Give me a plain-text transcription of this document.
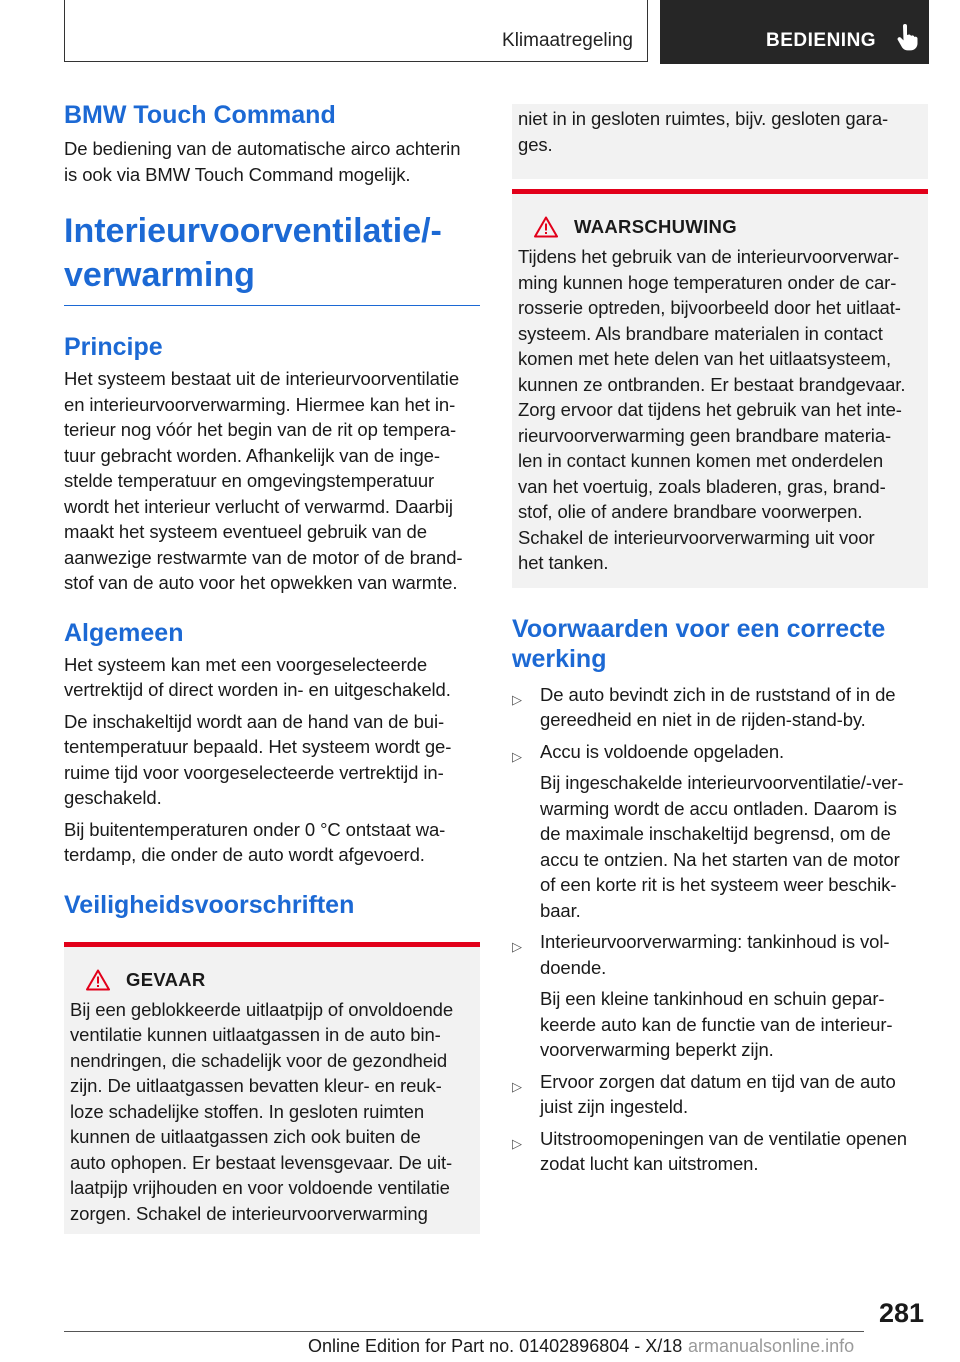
Klimaatregeling	BEDIENING
BMW Touch Command
De bediening van de automatische airco achterin
is ook via BMW Touch Command mogelijk.
Interieurvoorventilatie/-
verwarming
Principe
Het systeem bestaat uit de interieurvoorventilatie
en interieurvoorverwarming. Hiermee kan het in-
terieur nog vóór het begin van de rit op tempera-
tuur gebracht worden. Afhankelijk van de inge-
stelde temperatuur en omgevingstemperatuur
wordt het interieur verlucht of verwarmd. Daarbij
maakt het systeem eventueel gebruik van de
aanwezige restwarmte van de motor of de brand-
stof van de auto voor het opwekken van warmte.
Algemeen
Het systeem kan met een voorgeselecteerde
vertrektijd of direct worden in- en uitgeschakeld.
De inschakeltijd wordt aan de hand van de bui-
tentemperatuur bepaald. Het systeem wordt ge-
ruime tijd voor voorgeselecteerde vertrektijd in-
geschakeld.
Bij buitentemperaturen onder 0 °C ontstaat wa-
terdamp, die onder de auto wordt afgevoerd.
Veiligheidsvoorschriften
GEVAAR
Bij een geblokkeerde uitlaatpijp of onvoldoende
ventilatie kunnen uitlaatgassen in de auto bin-
nendringen, die schadelijk voor de gezondheid
zijn. De uitlaatgassen bevatten kleur- en reuk-
loze schadelijke stoffen. In gesloten ruimten
kunnen de uitlaatgassen zich ook buiten de
auto ophopen. Er bestaat levensgevaar. De uit-
laatpijp vrijhouden en voor voldoende ventilatie
zorgen. Schakel de interieurvoorverwarming
niet in in gesloten ruimtes, bijv. gesloten gara-
ges.
WAARSCHUWING
Tijdens het gebruik van de interieurvoorverwar-
ming kunnen hoge temperaturen onder de car-
rosserie optreden, bijvoorbeeld door het uitlaat-
systeem. Als brandbare materialen in contact
komen met hete delen van het uitlaatsysteem,
kunnen ze ontbranden. Er bestaat brandgevaar.
Zorg ervoor dat tijdens het gebruik van het inte-
rieurvoorverwarming geen brandbare materia-
len in contact kunnen komen met onderdelen
van het voertuig, zoals bladeren, gras, brand-
stof, olie of andere brandbare voorwerpen.
Schakel de interieurvoorverwarming uit voor
het tanken.
Voorwaarden voor een correcte
werking
▷ De auto bevindt zich in de ruststand of in de
gereedheid en niet in de rijden-stand-by.
▷ Accu is voldoende opgeladen.
Bij ingeschakelde interieurvoorventilatie/-ver-
warming wordt de accu ontladen. Daarom is
de maximale inschakeltijd begrensd, om de
accu te ontzien. Na het starten van de motor
of een korte rit is het systeem weer beschik-
baar.
▷ Interieurvoorverwarming: tankinhoud is vol-
doende.
Bij een kleine tankinhoud en schuin gepar-
keerde auto kan de functie van de interieur-
voorverwarming beperkt zijn.
▷ Ervoor zorgen dat datum en tijd van de auto
juist zijn ingesteld.
▷ Uitstroomopeningen van de ventilatie openen
zodat lucht kan uitstromen.
281
Online Edition for Part no. 01402896804 - X/18 armanualsonline.info
